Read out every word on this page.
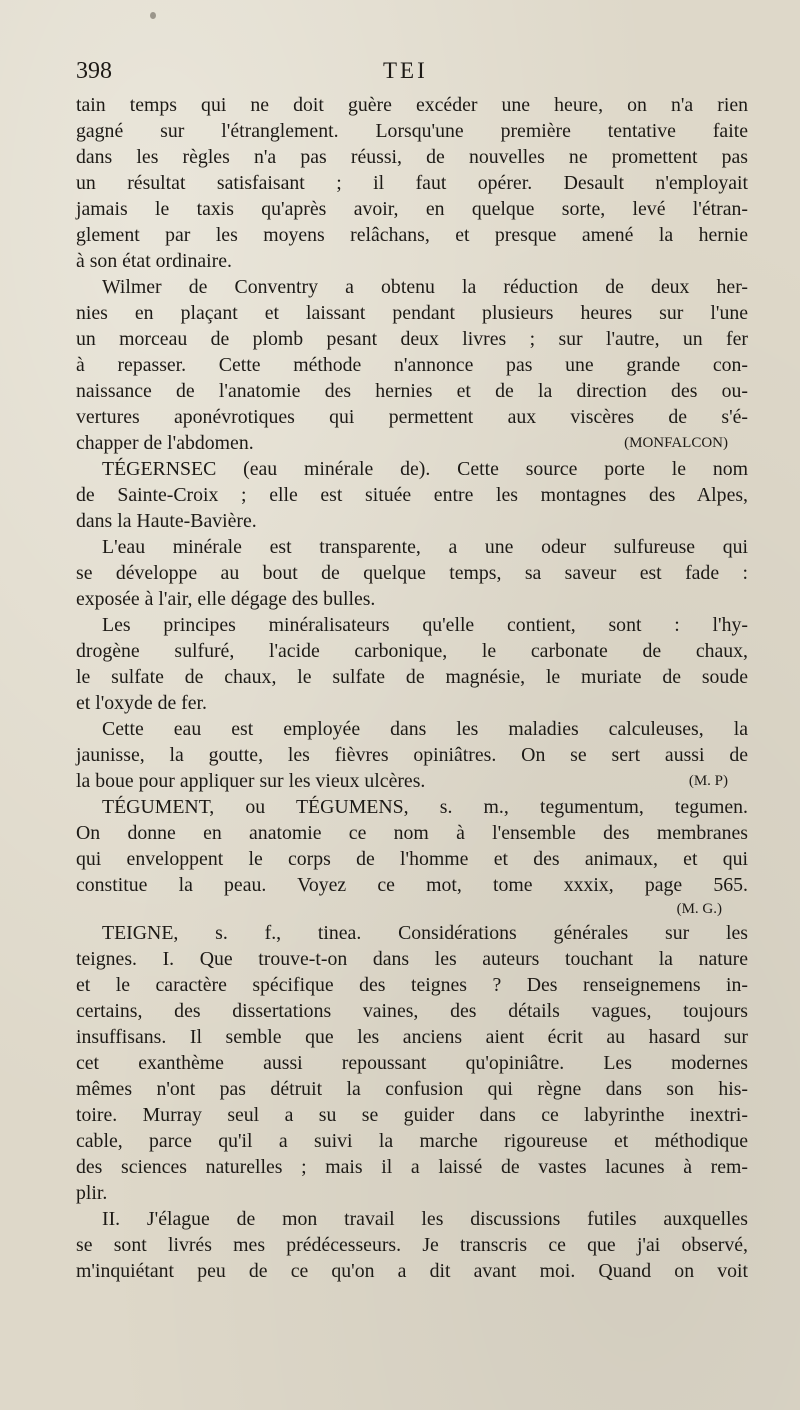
398	TEI
tain temps qui ne doit guère excéder une heure, on n'a rien
gagné sur l'étranglement. Lorsqu'une première tentative faite
dans les règles n'a pas réussi, de nouvelles ne promettent pas
un résultat satisfaisant ; il faut opérer. Desault n'employait
jamais le taxis qu'après avoir, en quelque sorte, levé l'étran-
glement par les moyens relâchans, et presque amené la hernie
à son état ordinaire.
Wilmer de Conventry a obtenu la réduction de deux her-
nies en plaçant et laissant pendant plusieurs heures sur l'une
un morceau de plomb pesant deux livres ; sur l'autre, un fer
à repasser. Cette méthode n'annonce pas une grande con-
naissance de l'anatomie des hernies et de la direction des ou-
vertures aponévrotiques qui permettent aux viscères de s'é-
chapper de l'abdomen.	(MONFALCON)
TÉGERNSEC (eau minérale de). Cette source porte le nom
de Sainte-Croix ; elle est située entre les montagnes des Alpes,
dans la Haute-Bavière.
L'eau minérale est transparente, a une odeur sulfureuse qui
se développe au bout de quelque temps, sa saveur est fade :
exposée à l'air, elle dégage des bulles.
Les principes minéralisateurs qu'elle contient, sont : l'hy-
drogène sulfuré, l'acide carbonique, le carbonate de chaux,
le sulfate de chaux, le sulfate de magnésie, le muriate de soude
et l'oxyde de fer.
Cette eau est employée dans les maladies calculeuses, la
jaunisse, la goutte, les fièvres opiniâtres. On se sert aussi de
la boue pour appliquer sur les vieux ulcères.	(M. P)
TÉGUMENT, ou TÉGUMENS, s. m., tegumentum, tegumen.
On donne en anatomie ce nom à l'ensemble des membranes
qui enveloppent le corps de l'homme et des animaux, et qui
constitue la peau. Voyez ce mot, tome xxxix, page 565.
(M. G.)
TEIGNE, s. f., tinea. Considérations générales sur les
teignes. I. Que trouve-t-on dans les auteurs touchant la nature
et le caractère spécifique des teignes ? Des renseignemens in-
certains, des dissertations vaines, des détails vagues, toujours
insuffisans. Il semble que les anciens aient écrit au hasard sur
cet exanthème aussi repoussant qu'opiniâtre. Les modernes
mêmes n'ont pas détruit la confusion qui règne dans son his-
toire. Murray seul a su se guider dans ce labyrinthe inextri-
cable, parce qu'il a suivi la marche rigoureuse et méthodique
des sciences naturelles ; mais il a laissé de vastes lacunes à rem-
plir.
II. J'élague de mon travail les discussions futiles auxquelles
se sont livrés mes prédécesseurs. Je transcris ce que j'ai observé,
m'inquiétant peu de ce qu'on a dit avant moi. Quand on voit
